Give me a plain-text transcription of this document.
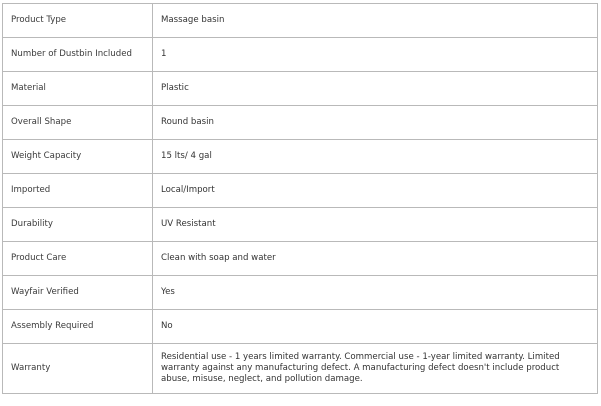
Product Type	Massage basin
Number of Dustbin Included	1
Material	Plastic
Overall Shape	Round basin
Weight Capacity	15 lts/ 4 gal
Imported	Local/Import
Durability	UV Resistant
Product Care	Clean with soap and water
Wayfair Verified	Yes
Assembly Required	No
Warranty	Residential use - 1 years limited warranty. Commercial use - 1-year limited warranty. Limited warranty against any manufacturing defect. A manufacturing defect doesn't include product abuse, misuse, neglect, and pollution damage.
